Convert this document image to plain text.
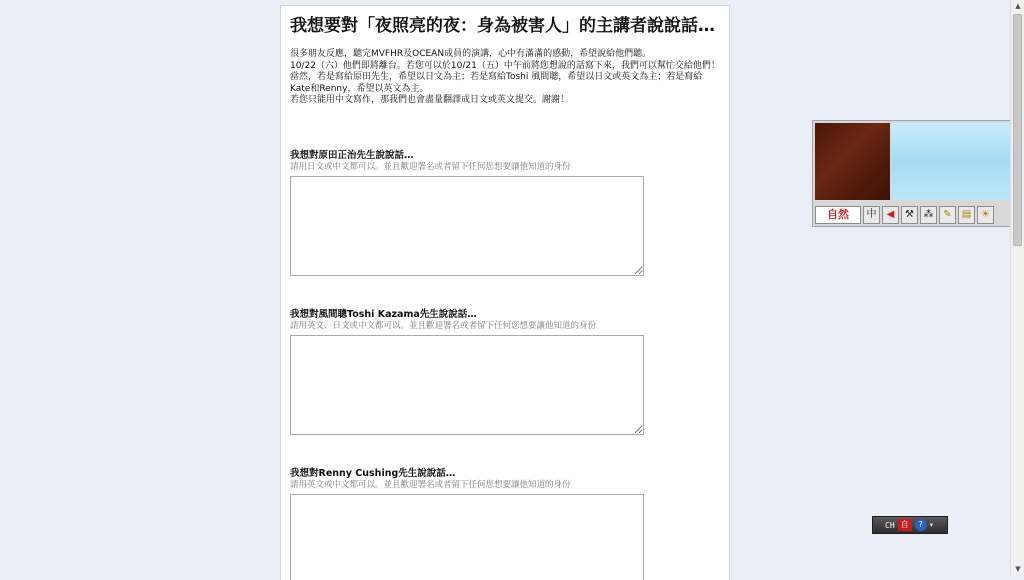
我想要對「夜照亮的夜：身為被害人」的主講者說說話…
很多朋友反應，聽完MVFHR及OCEAN成員的演講，心中有滿滿的感動，希望說給他們聽。
10/22（六）他們即將離台。若您可以於10/21（五）中午前將您想說的話寫下來，我們可以幫忙交給他們！
當然，若是寫給原田先生，希望以日文為主；若是寫給Toshi 風間聰，希望以日文或英文為主；若是寫給Kate和Renny，希望以英文為主。
若您只能用中文寫作，那我們也會盡量翻譯成日文或英文提交。謝謝！
我想對原田正治先生說說話…
請用日文或中文都可以。並且歡迎署名或者留下任何您想要讓他知道的身份
我想對風間聰Toshi Kazama先生說說話…
請用英文、日文或中文都可以。並且歡迎署名或者留下任何您想要讓他知道的身份
我想對Renny Cushing先生說說話…
請用英文或中文都可以。並且歡迎署名或者留下任何您想要讓他知道的身份
自然	中	◀	⚒ ⁂ ✎	▤ ☀
CH 自	? ▾
▲
▼
